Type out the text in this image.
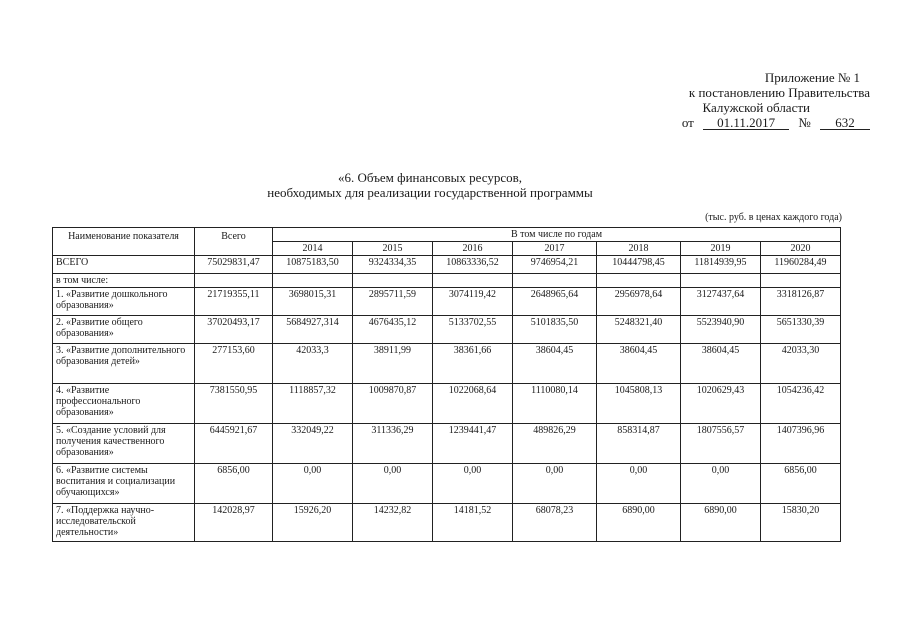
Приложение № 1
к постановлению Правительства
Калужской области
от 01.11.2017 № 632
«6. Объем финансовых ресурсов,
необходимых для реализации государственной программы
(тыс. руб. в ценах каждого года)
Наименование показателя	Всего	В том числе по годам						
		2014	2015	2016	2017	2018	2019	2020
ВСЕГО	75029831,47	10875183,50	9324334,35	10863336,52	9746954,21	10444798,45	11814939,95	11960284,49
в том числе:								
1. «Развитие дошкольного образования»	21719355,11	3698015,31	2895711,59	3074119,42	2648965,64	2956978,64	3127437,64	3318126,87
2. «Развитие общего образования»	37020493,17	5684927,314	4676435,12	5133702,55	5101835,50	5248321,40	5523940,90	5651330,39
3. «Развитие дополнительного образования детей»	277153,60	42033,3	38911,99	38361,66	38604,45	38604,45	38604,45	42033,30
4. «Развитие профессионального образования»	7381550,95	1118857,32	1009870,87	1022068,64	1110080,14	1045808,13	1020629,43	1054236,42
5. «Создание условий для получения качественного образования»	6445921,67	332049,22	311336,29	1239441,47	489826,29	858314,87	1807556,57	1407396,96
6. «Развитие системы воспитания и социализации обучающихся»	6856,00	0,00	0,00	0,00	0,00	0,00	0,00	6856,00
7. «Поддержка научно-исследовательской деятельности»	142028,97	15926,20	14232,82	14181,52	68078,23	6890,00	6890,00	15830,20
